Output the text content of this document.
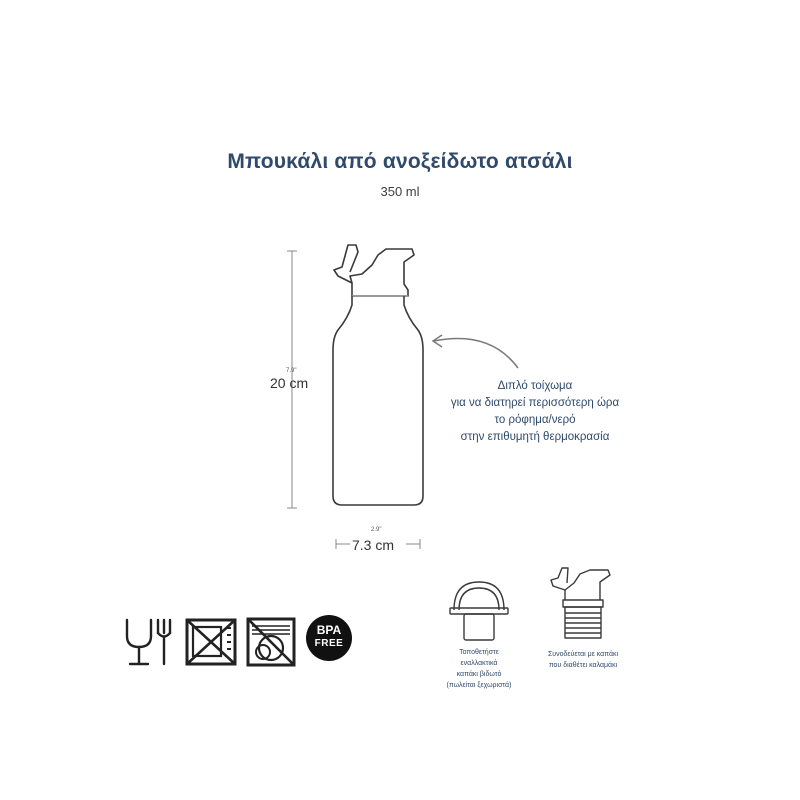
Μπουκάλι από ανοξείδωτο ατσάλι
350 ml
7.9"
20 cm
2.9"
7.3 cm
Διπλό τοίχωμα
για να διατηρεί περισσότερη ώρα
το ρόφημα/νερό
στην επιθυμητή θερμοκρασία
Τοποθετήστε
εναλλακτικά
καπάκι βιδωτό
(πωλείται ξεχωριστά)
Συνοδεύεται με καπάκι
που διαθέτει καλαμάκι
BPA
FREE
